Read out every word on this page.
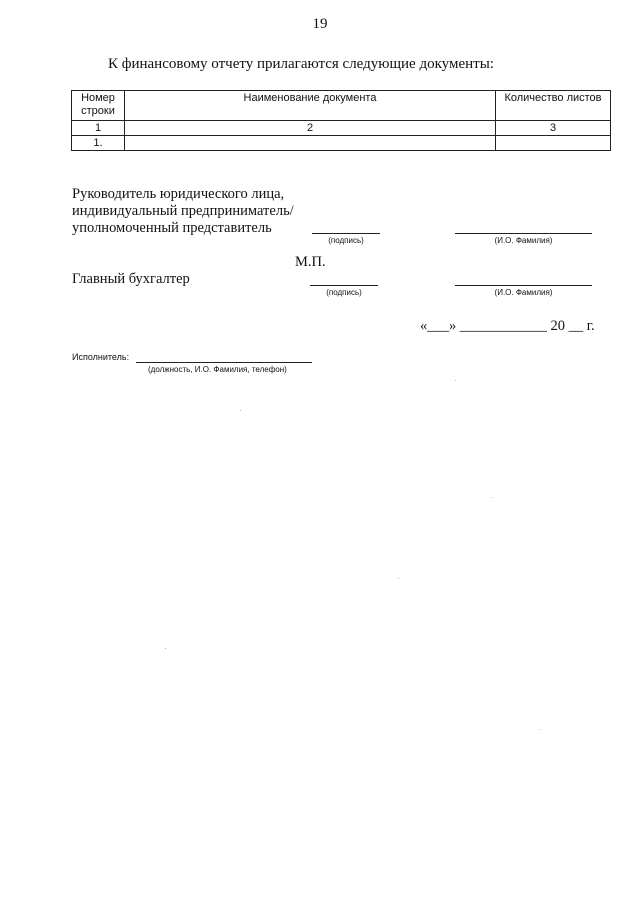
19
К финансовому отчету прилагаются следующие документы:
Номер строки	Наименование документа	Количество листов
1	2	3
1.		
Руководитель юридического лица,
индивидуальный предприниматель/
уполномоченный представитель
(подпись)	(И.О. Фамилия)
М.П.
Главный бухгалтер
(подпись)	(И.О. Фамилия)
«___» ____________ 20 __ г.
Исполнитель:
(должность, И.О. Фамилия, телефон)
